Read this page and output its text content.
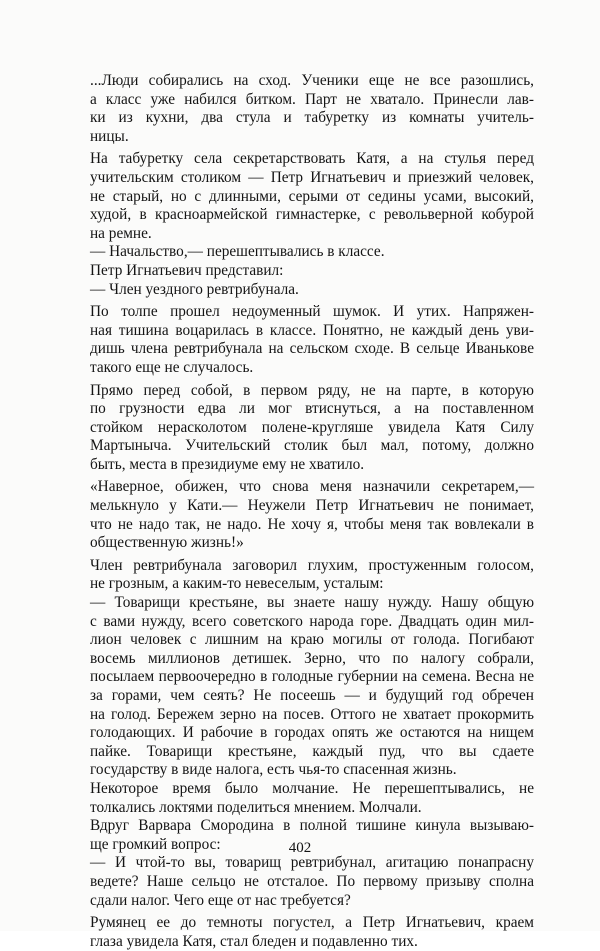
...Люди собирались на сход. Ученики еще не все разошлись,
а класс уже набился битком. Парт не хватало. Принесли лав-
ки из кухни, два стула и табуретку из комнаты учитель-
ницы.
На табуретку села секретарствовать Катя, а на стулья перед
учительским столиком — Петр Игнатьевич и приезжий человек,
не старый, но с длинными, серыми от седины усами, высокий,
худой, в красноармейской гимнастерке, с револьверной кобурой
на ремне.
— Начальство,— перешептывались в классе.
Петр Игнатьевич представил:
— Член уездного ревтрибунала.
По толпе прошел недоуменный шумок. И утих. Напряжен-
ная тишина воцарилась в классе. Понятно, не каждый день уви-
дишь члена ревтрибунала на сельском сходе. В сельце Иваньковe
такого еще не случалось.
Прямо перед собой, в первом ряду, не на парте, в которую
по грузности едва ли мог втиснуться, а на поставленном
стойком нерасколотом полене-кругляше увидела Катя Силу
Мартыныча. Учительский столик был мал, потому, должно
быть, места в президиуме ему не хватило.
«Наверное, обижен, что снова меня назначили секретарем,—
мелькнуло у Кати.— Неужели Петр Игнатьевич не понимает,
что не надо так, не надо. Не хочу я, чтобы меня так вовлекали в
общественную жизнь!»
Член ревтрибунала заговорил глухим, простуженным голосом,
не грозным, а каким-то невеселым, усталым:
— Товарищи крестьяне, вы знаете нашу нужду. Нашу общую
с вами нужду, всего советского народа горе. Двадцать один мил-
лион человек с лишним на краю могилы от голода. Погибают
восемь миллионов детишек. Зерно, что по налогу собрали,
посылаем первоочередно в голодные губернии на семена. Весна не
за горами, чем сеять? Не посеешь — и будущий год обречен
на голод. Бережем зерно на посев. Оттого не хватает прокормить
голодающих. И рабочие в городах опять же остаются на нищем
пайке. Товарищи крестьяне, каждый пуд, что вы сдаете
государству в виде налога, есть чья-то спасенная жизнь.
Некоторое время было молчание. Не перешептывались, не
толкались локтями поделиться мнением. Молчали.
Вдруг Варвара Смородина в полной тишине кинула вызываю-
ще громкий вопрос:
— И чтой-то вы, товарищ ревтрибунал, агитацию понапрасну
ведете? Наше сельцо не отсталое. По первому призыву сполна
сдали налог. Чего еще от нас требуется?
Румянец ее до темноты погустел, а Петр Игнатьевич, краем
глаза увидела Катя, стал бледен и подавленно тих.
402
